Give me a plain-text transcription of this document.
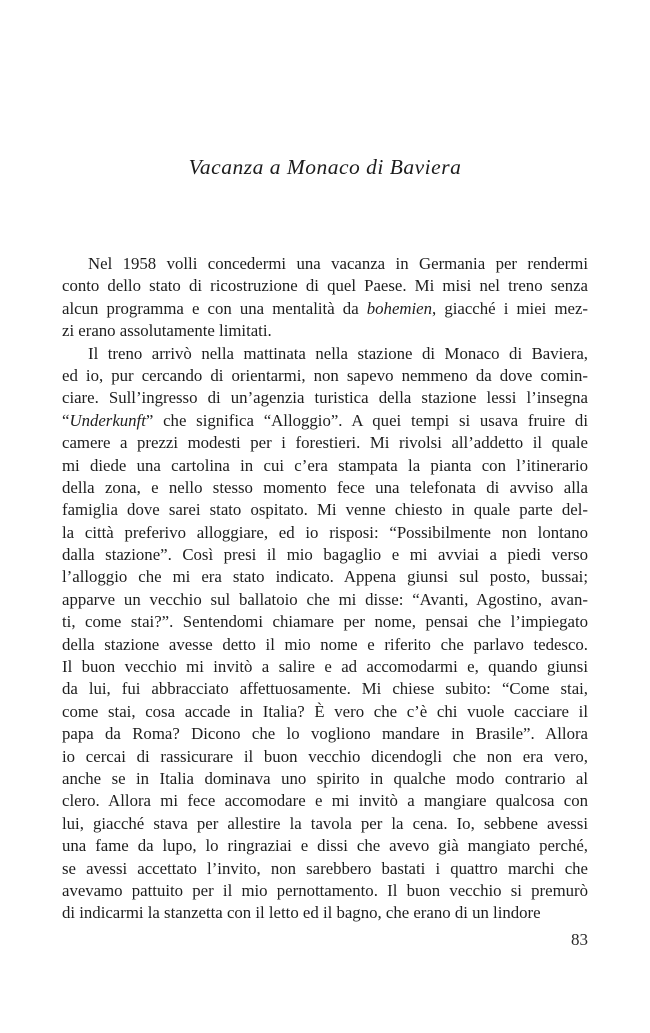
Vacanza a Monaco di Baviera
Nel 1958 volli concedermi una vacanza in Germania per rendermi
conto dello stato di ricostruzione di quel Paese. Mi misi nel treno senza
alcun programma e con una mentalità da bohemien, giacché i miei mez-
zi erano assolutamente limitati.
Il treno arrivò nella mattinata nella stazione di Monaco di Baviera,
ed io, pur cercando di orientarmi, non sapevo nemmeno da dove comin-
ciare. Sull’ingresso di un’agenzia turistica della stazione lessi l’insegna
“Underkunft” che significa “Alloggio”. A quei tempi si usava fruire di
camere a prezzi modesti per i forestieri. Mi rivolsi all’addetto il quale
mi diede una cartolina in cui c’era stampata la pianta con l’itinerario
della zona, e nello stesso momento fece una telefonata di avviso alla
famiglia dove sarei stato ospitato. Mi venne chiesto in quale parte del-
la città preferivo alloggiare, ed io risposi: “Possibilmente non lontano
dalla stazione”. Così presi il mio bagaglio e mi avviai a piedi verso
l’alloggio che mi era stato indicato. Appena giunsi sul posto, bussai;
apparve un vecchio sul ballatoio che mi disse: “Avanti, Agostino, avan-
ti, come stai?”. Sentendomi chiamare per nome, pensai che l’impiegato
della stazione avesse detto il mio nome e riferito che parlavo tedesco.
Il buon vecchio mi invitò a salire e ad accomodarmi e, quando giunsi
da lui, fui abbracciato affettuosamente. Mi chiese subito: “Come stai,
come stai, cosa accade in Italia? È vero che c’è chi vuole cacciare il
papa da Roma? Dicono che lo vogliono mandare in Brasile”. Allora
io cercai di rassicurare il buon vecchio dicendogli che non era vero,
anche se in Italia dominava uno spirito in qualche modo contrario al
clero. Allora mi fece accomodare e mi invitò a mangiare qualcosa con
lui, giacché stava per allestire la tavola per la cena. Io, sebbene avessi
una fame da lupo, lo ringraziai e dissi che avevo già mangiato perché,
se avessi accettato l’invito, non sarebbero bastati i quattro marchi che
avevamo pattuito per il mio pernottamento. Il buon vecchio si premurò
di indicarmi la stanzetta con il letto ed il bagno, che erano di un lindore
83
